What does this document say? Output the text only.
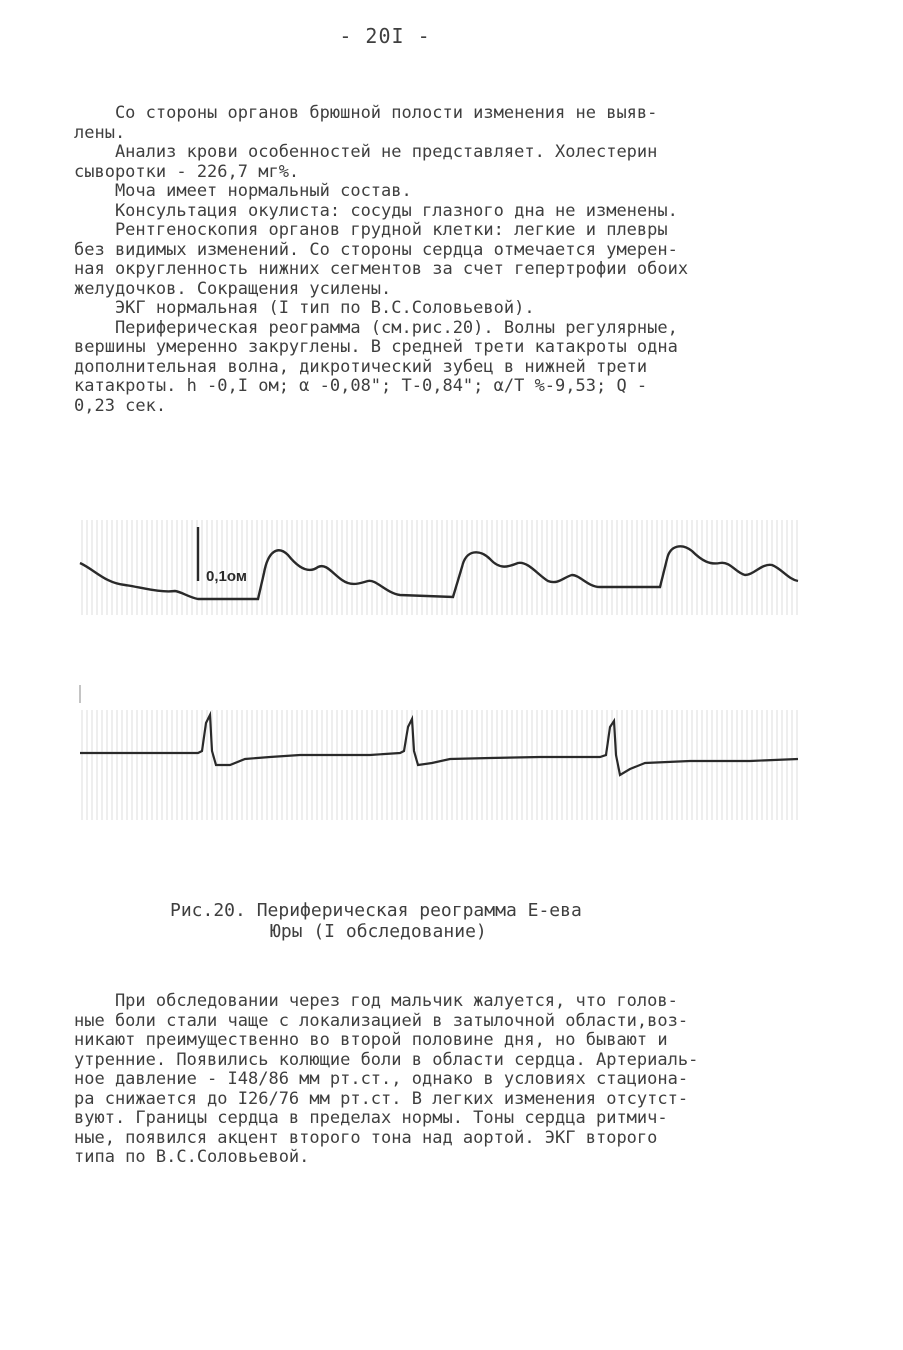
- 20I -
Со стороны органов брюшной полости изменения не выяв-
лены.
Анализ крови особенностей не представляет. Холестерин
сыворотки - 226,7 мг%.
Моча имеет нормальный состав.
Консультация окулиста: сосуды глазного дна не изменены.
Рентгеноскопия органов грудной клетки: легкие и плевры
без видимых изменений. Со стороны сердца отмечается умерен-
ная округленность нижних сегментов за счет гепертрофии обоих
желудочков. Сокращения усилены.
ЭКГ нормальная (I тип по В.С.Соловьевой).
Периферическая реограмма (см.рис.20). Волны регулярные,
вершины умеренно закруглены. В средней трети катакроты одна
дополнительная волна, дикротический зубец в нижней трети
катакроты. h -0,I ом; α -0,08"; T-0,84"; α/T %-9,53; Q -
0,23 сек.
0,1ом
Рис.20. Периферическая реограмма Е-ева
Юры (I обследование)
При обследовании через год мальчик жалуется, что голов-
ные боли стали чаще с локализацией в затылочной области,воз-
никают преимущественно во второй половине дня, но бывают и
утренние. Появились колющие боли в области сердца. Артериаль-
ное давление - I48/86 мм рт.ст., однако в условиях стациона-
ра снижается до I26/76 мм рт.ст. В легких изменения отсутст-
вуют. Границы сердца в пределах нормы. Тоны сердца ритмич-
ные, появился акцент второго тона над аортой. ЭКГ второго
типа по В.С.Соловьевой.
